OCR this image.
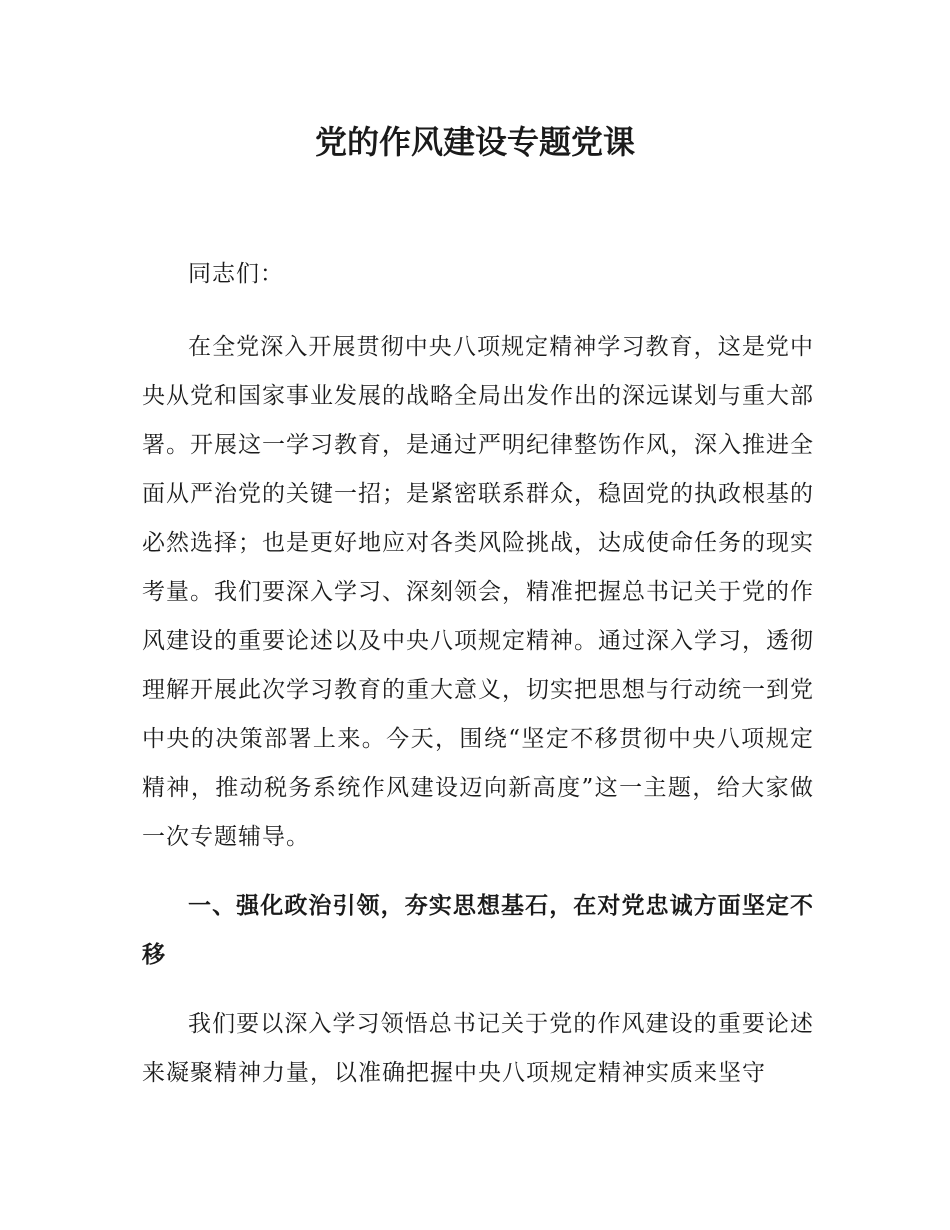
党的作风建设专题党课

同志们：

在全党深入开展贯彻中央八项规定精神学习教育，这是党中央从党和国家事业发展的战略全局出发作出的深远谋划与重大部署。开展这一学习教育，是通过严明纪律整饬作风，深入推进全面从严治党的关键一招；是紧密联系群众，稳固党的执政根基的必然选择；也是更好地应对各类风险挑战，达成使命任务的现实考量。我们要深入学习、深刻领会，精准把握总书记关于党的作风建设的重要论述以及中央八项规定精神。通过深入学习，透彻理解开展此次学习教育的重大意义，切实把思想与行动统一到党中央的决策部署上来。今天，围绕“坚定不移贯彻中央八项规定精神，推动税务系统作风建设迈向新高度”这一主题，给大家做一次专题辅导。

一、强化政治引领，夯实思想基石，在对党忠诚方面坚定不移

我们要以深入学习领悟总书记关于党的作风建设的重要论述来凝聚精神力量，以准确把握中央八项规定精神实质来坚守
